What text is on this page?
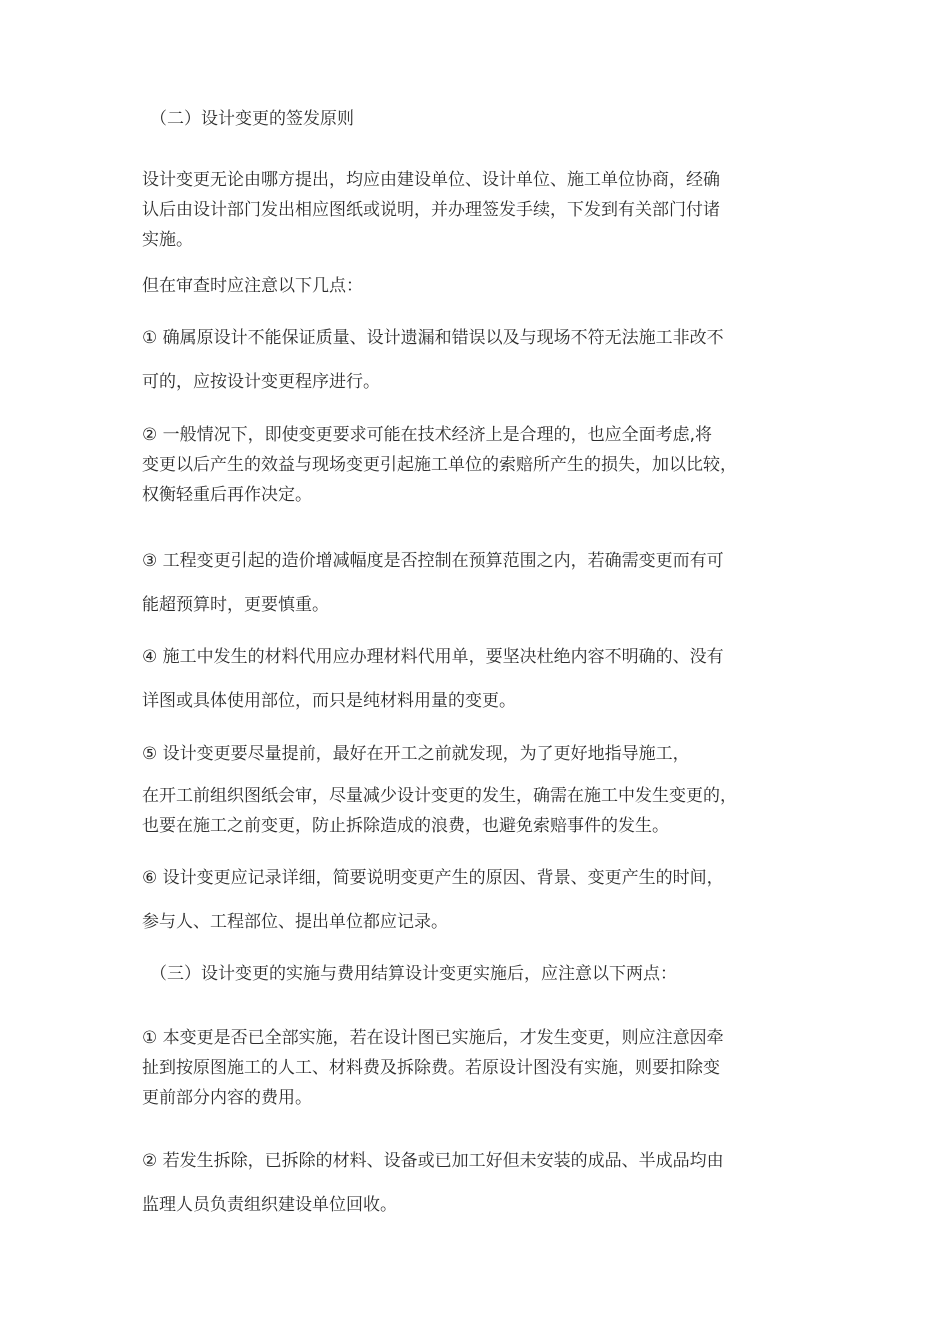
（二）设计变更的签发原则
设计变更无论由哪方提出，均应由建设单位、设计单位、施工单位协商，经确
认后由设计部门发出相应图纸或说明，并办理签发手续，下发到有关部门付诸
实施。
但在审查时应注意以下几点：
① 确属原设计不能保证质量、设计遗漏和错误以及与现场不符无法施工非改不
可的，应按设计变更程序进行。
② 一般情况下，即使变更要求可能在技术经济上是合理的，也应全面考虑,将
变更以后产生的效益与现场变更引起施工单位的索赔所产生的损失，加以比较，
权衡轻重后再作决定。
③ 工程变更引起的造价增减幅度是否控制在预算范围之内，若确需变更而有可
能超预算时，更要慎重。
④ 施工中发生的材料代用应办理材料代用单，要坚决杜绝内容不明确的、没有
详图或具体使用部位，而只是纯材料用量的变更。
⑤ 设计变更要尽量提前，最好在开工之前就发现，为了更好地指导施工，
在开工前组织图纸会审，尽量减少设计变更的发生，确需在施工中发生变更的，
也要在施工之前变更，防止拆除造成的浪费，也避免索赔事件的发生。
⑥ 设计变更应记录详细，简要说明变更产生的原因、背景、变更产生的时间，
参与人、工程部位、提出单位都应记录。
（三）设计变更的实施与费用结算设计变更实施后，应注意以下两点：
① 本变更是否已全部实施，若在设计图已实施后，才发生变更，则应注意因牵
扯到按原图施工的人工、材料费及拆除费。若原设计图没有实施，则要扣除变
更前部分内容的费用。
② 若发生拆除，已拆除的材料、设备或已加工好但未安装的成品、半成品均由
监理人员负责组织建设单位回收。
